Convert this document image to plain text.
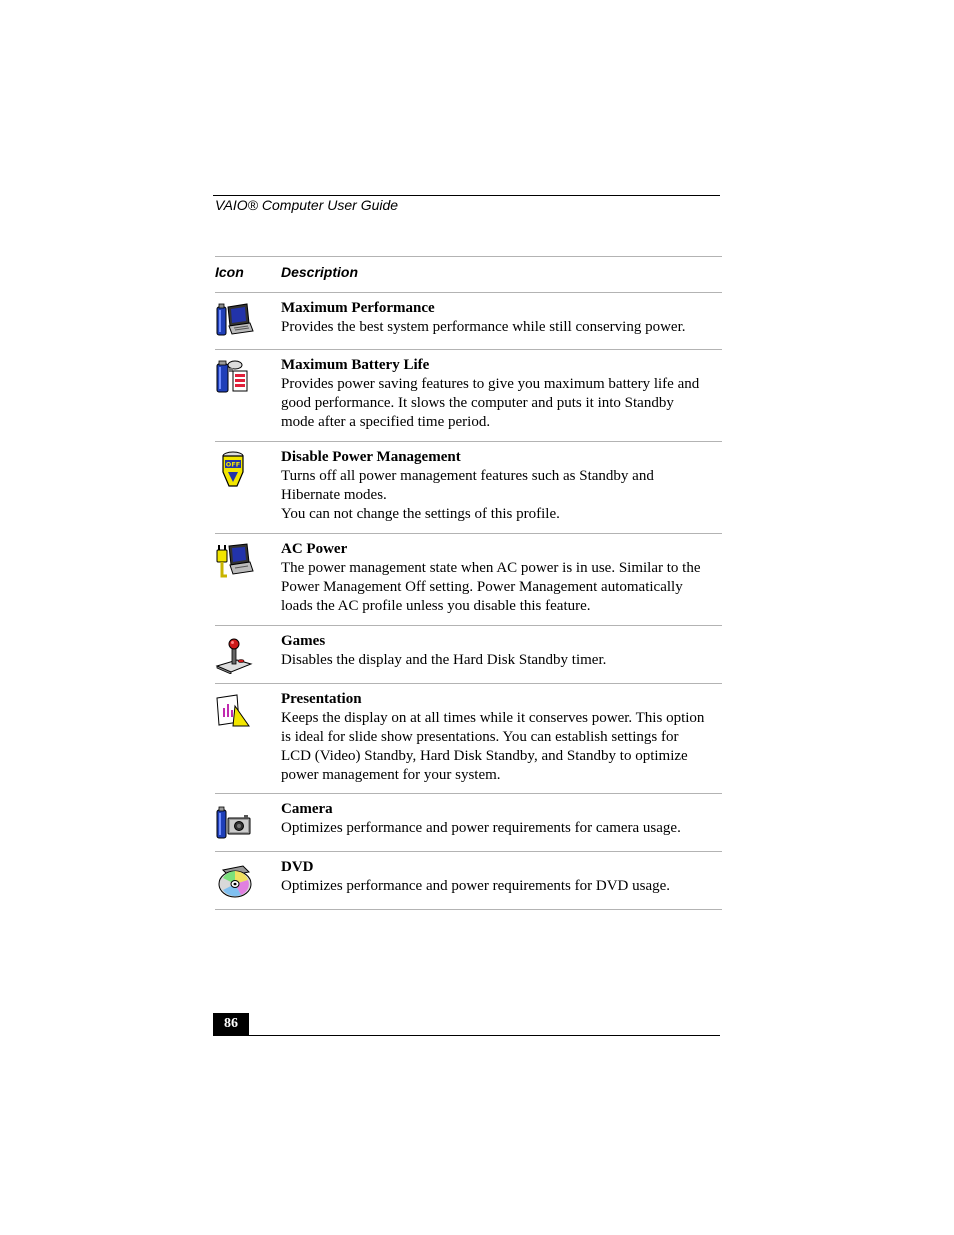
VAIO® Computer User Guide
Icon	Description
Maximum Performance
Provides the best system performance while still conserving power.
Maximum Battery Life
Provides power saving features to give you maximum battery life and
good performance. It slows the computer and puts it into Standby
mode after a specified time period.
OFF	Disable Power Management
Turns off all power management features such as Standby and
Hibernate modes.
You can not change the settings of this profile.
AC Power
The power management state when AC power is in use. Similar to the
Power Management Off setting. Power Management automatically
loads the AC profile unless you disable this feature.
Games
Disables the display and the Hard Disk Standby timer.
Presentation
Keeps the display on at all times while it conserves power. This option
is ideal for slide show presentations. You can establish settings for
LCD (Video) Standby, Hard Disk Standby, and Standby to optimize
power management for your system.
Camera
Optimizes performance and power requirements for camera usage.
DVD
Optimizes performance and power requirements for DVD usage.
86
